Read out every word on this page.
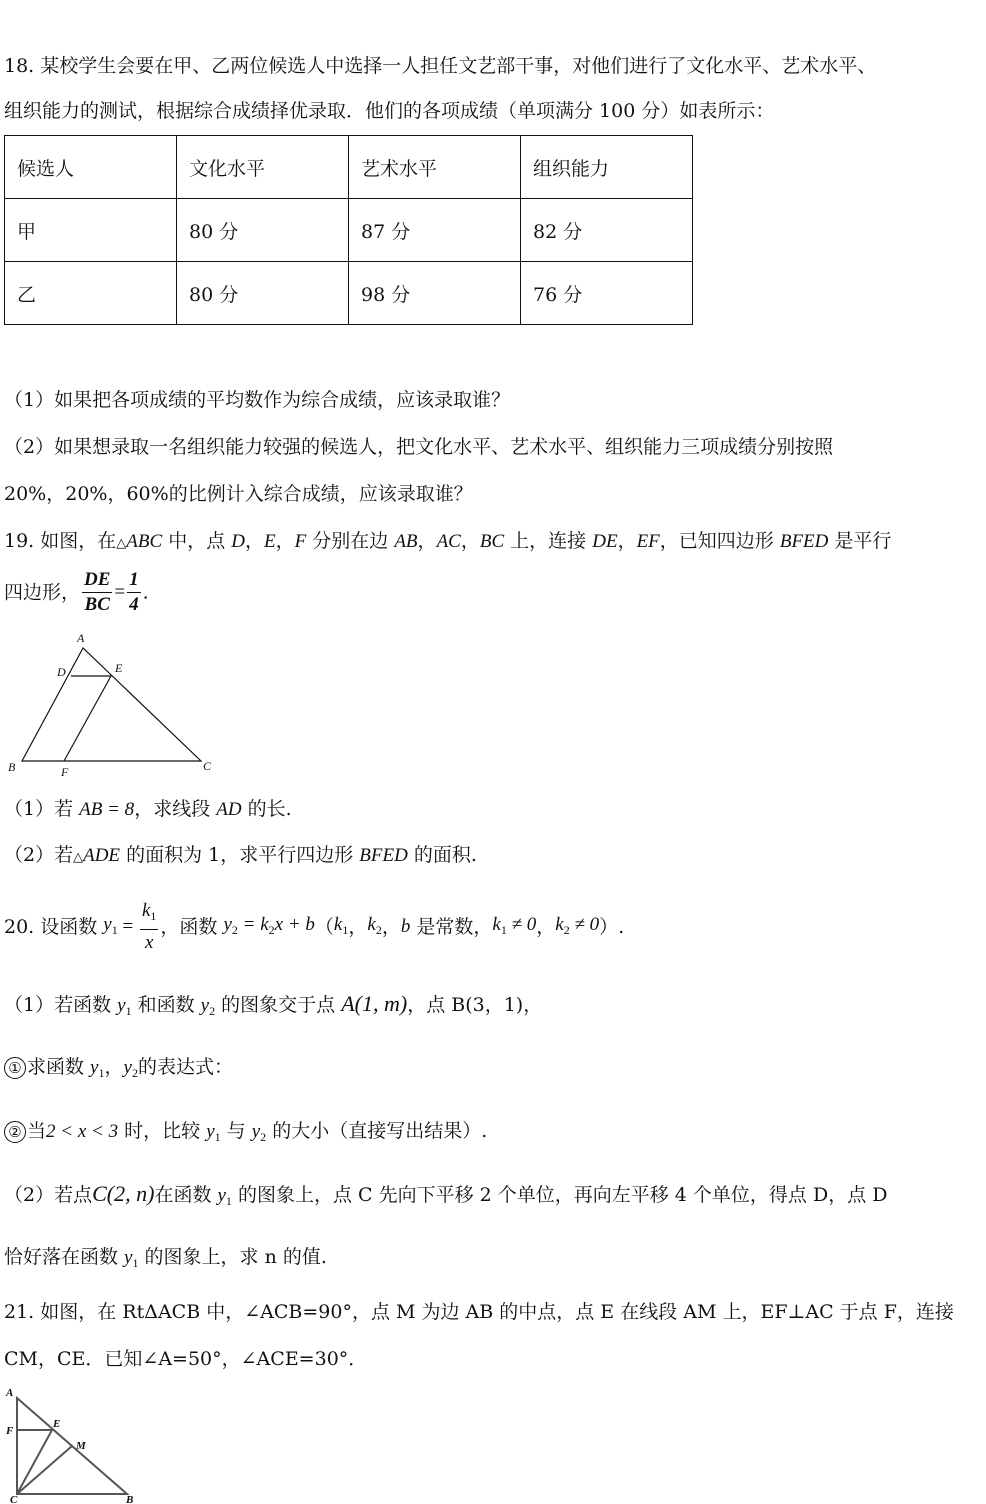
18. 某校学生会要在甲、乙两位候选人中选择一人担任文艺部干事，对他们进行了文化水平、艺术水平、
组织能力的测试，根据综合成绩择优录取．他们的各项成绩（单项满分 100 分）如表所示：
候选人	文化水平	艺术水平	组织能力
甲	80 分	87 分	82 分
乙	80 分	98 分	76 分
（1）如果把各项成绩的平均数作为综合成绩，应该录取谁？
（2）如果想录取一名组织能力较强的候选人，把文化水平、艺术水平、组织能力三项成绩分别按照
20%，20%，60%的比例计入综合成绩，应该录取谁？
19. 如图，在△ABC 中，点 D，E，F 分别在边 AB，AC，BC 上，连接 DE，EF，已知四边形 BFED 是平行
四边形， $\frac{DE}{BC} = \frac{1}{4}$ .
A
D	E
B	F	C
（1）若 AB = 8，求线段 AD 的长.
（2）若△ADE 的面积为 1，求平行四边形 BFED 的面积.
20. 设函数 $y_1 = \frac{k_1}{x}$ ，函数 $y_2 = k_2x + b(k_1$，$k_2$，b 是常数，$k_1 \ne 0$，$k_2 \ne 0$）.
（1）若函数 $y_1$ 和函数 $y_2$ 的图象交于点 A(1, m)，点 B(3，1)，
① 求函数 $y_1$，$y_2$的表达式：
② 当2 < x < 3 时，比较 $y_1$ 与 $y_2$ 的大小（直接写出结果）.
（2）若点C(2, n)在函数 $y_1$ 的图象上，点 C 先向下平移 2 个单位，再向左平移 4 个单位，得点 D，点 D
恰好落在函数 $y_1$ 的图象上，求 n 的值.
21. 如图，在 RtΔACB 中，∠ACB=90°，点 M 为边 AB 的中点，点 E 在线段 AM 上，EF⊥AC 于点 F，连接
CM，CE．已知∠A=50°，∠ACE=30°．
A
F
E
M
C	B
